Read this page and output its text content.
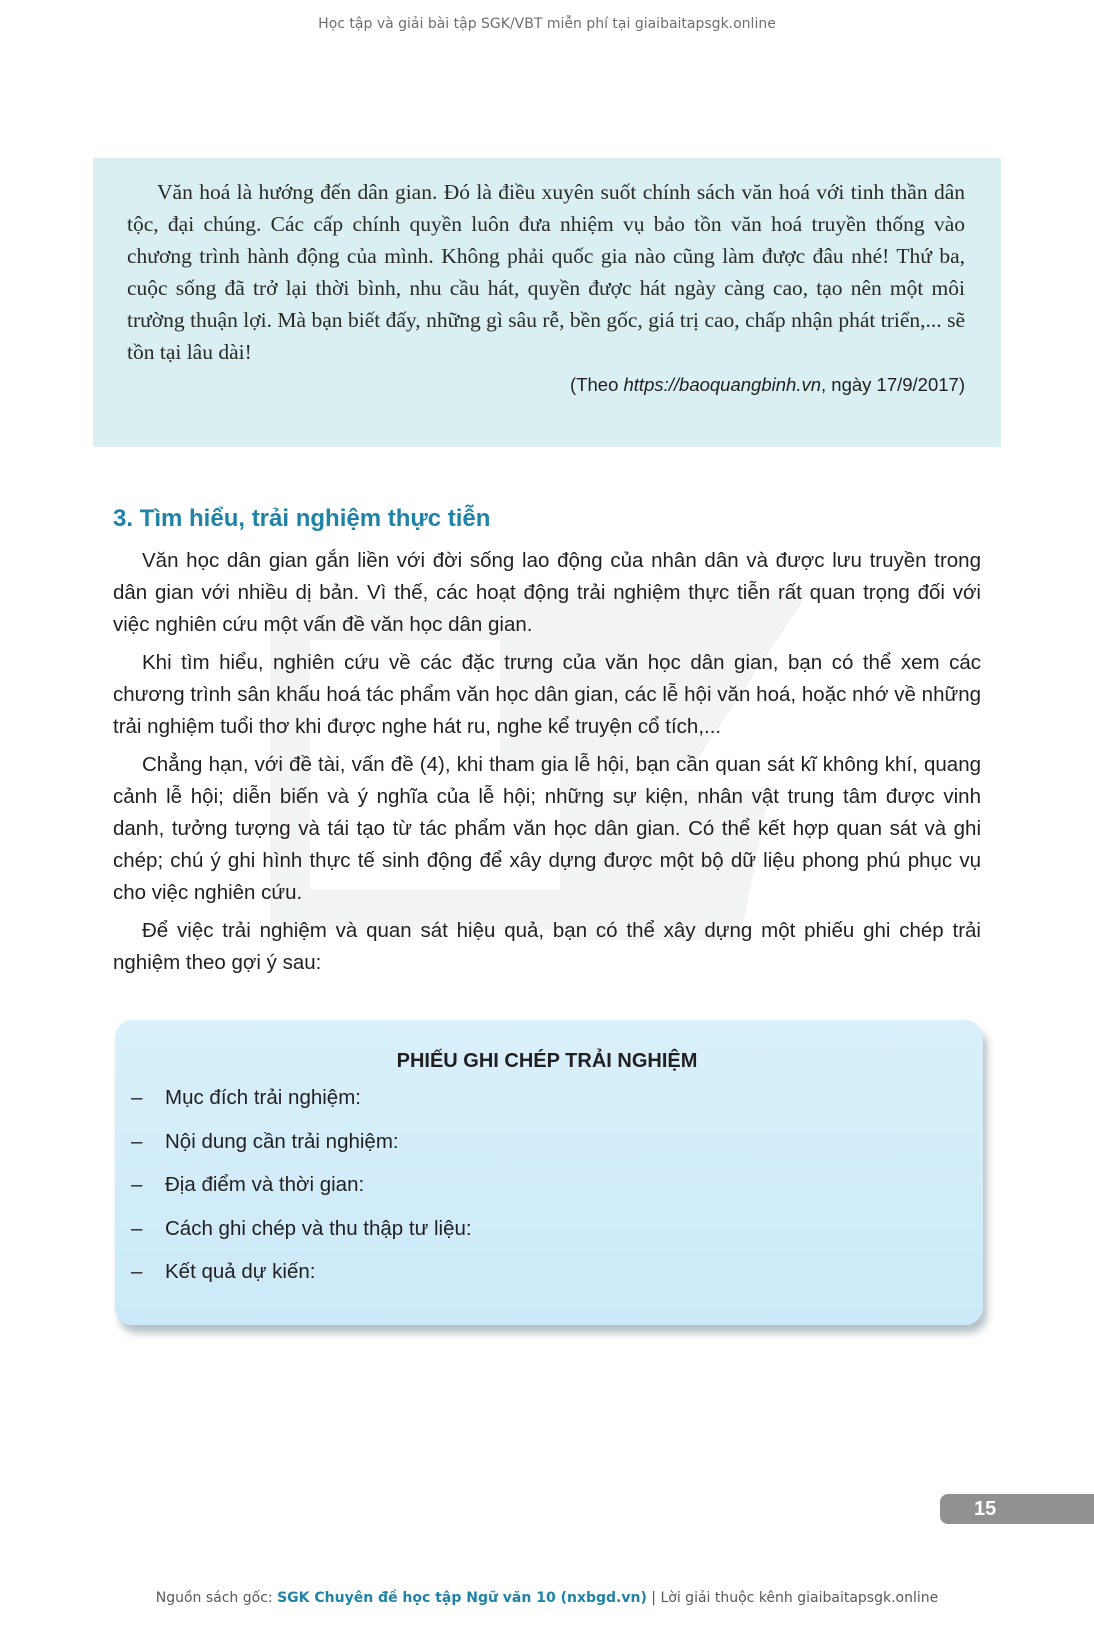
Học tập và giải bài tập SGK/VBT miễn phí tại giaibaitapsgk.online

Văn hoá là hướng đến dân gian. Đó là điều xuyên suốt chính sách văn hoá với tinh thần dân tộc, đại chúng. Các cấp chính quyền luôn đưa nhiệm vụ bảo tồn văn hoá truyền thống vào chương trình hành động của mình. Không phải quốc gia nào cũng làm được đâu nhé! Thứ ba, cuộc sống đã trở lại thời bình, nhu cầu hát, quyền được hát ngày càng cao, tạo nên một môi trường thuận lợi. Mà bạn biết đấy, những gì sâu rễ, bền gốc, giá trị cao, chấp nhận phát triển,... sẽ tồn tại lâu dài!

(Theo https://baoquangbinh.vn, ngày 17/9/2017)
3. Tìm hiểu, trải nghiệm thực tiễn

Văn học dân gian gắn liền với đời sống lao động của nhân dân và được lưu truyền trong dân gian với nhiều dị bản. Vì thế, các hoạt động trải nghiệm thực tiễn rất quan trọng đối với việc nghiên cứu một vấn đề văn học dân gian.

Khi tìm hiểu, nghiên cứu về các đặc trưng của văn học dân gian, bạn có thể xem các chương trình sân khấu hoá tác phẩm văn học dân gian, các lễ hội văn hoá, hoặc nhớ về những trải nghiệm tuổi thơ khi được nghe hát ru, nghe kể truyện cổ tích,...

Chẳng hạn, với đề tài, vấn đề (4), khi tham gia lễ hội, bạn cần quan sát kĩ không khí, quang cảnh lễ hội; diễn biến và ý nghĩa của lễ hội; những sự kiện, nhân vật trung tâm được vinh danh, tưởng tượng và tái tạo từ tác phẩm văn học dân gian. Có thể kết hợp quan sát và ghi chép; chú ý ghi hình thực tế sinh động để xây dựng được một bộ dữ liệu phong phú phục vụ cho việc nghiên cứu.

Để việc trải nghiệm và quan sát hiệu quả, bạn có thể xây dựng một phiếu ghi chép trải nghiệm theo gợi ý sau:

PHIẾU GHI CHÉP TRẢI NGHIỆM

–	Mục đích trải nghiệm:
–	Nội dung cần trải nghiệm:
–	Địa điểm và thời gian:
–	Cách ghi chép và thu thập tư liệu:
–	Kết quả dự kiến:
15
Nguồn sách gốc: SGK Chuyên đề học tập Ngữ văn 10 (nxbgd.vn) | Lời giải thuộc kênh giaibaitapsgk.online
